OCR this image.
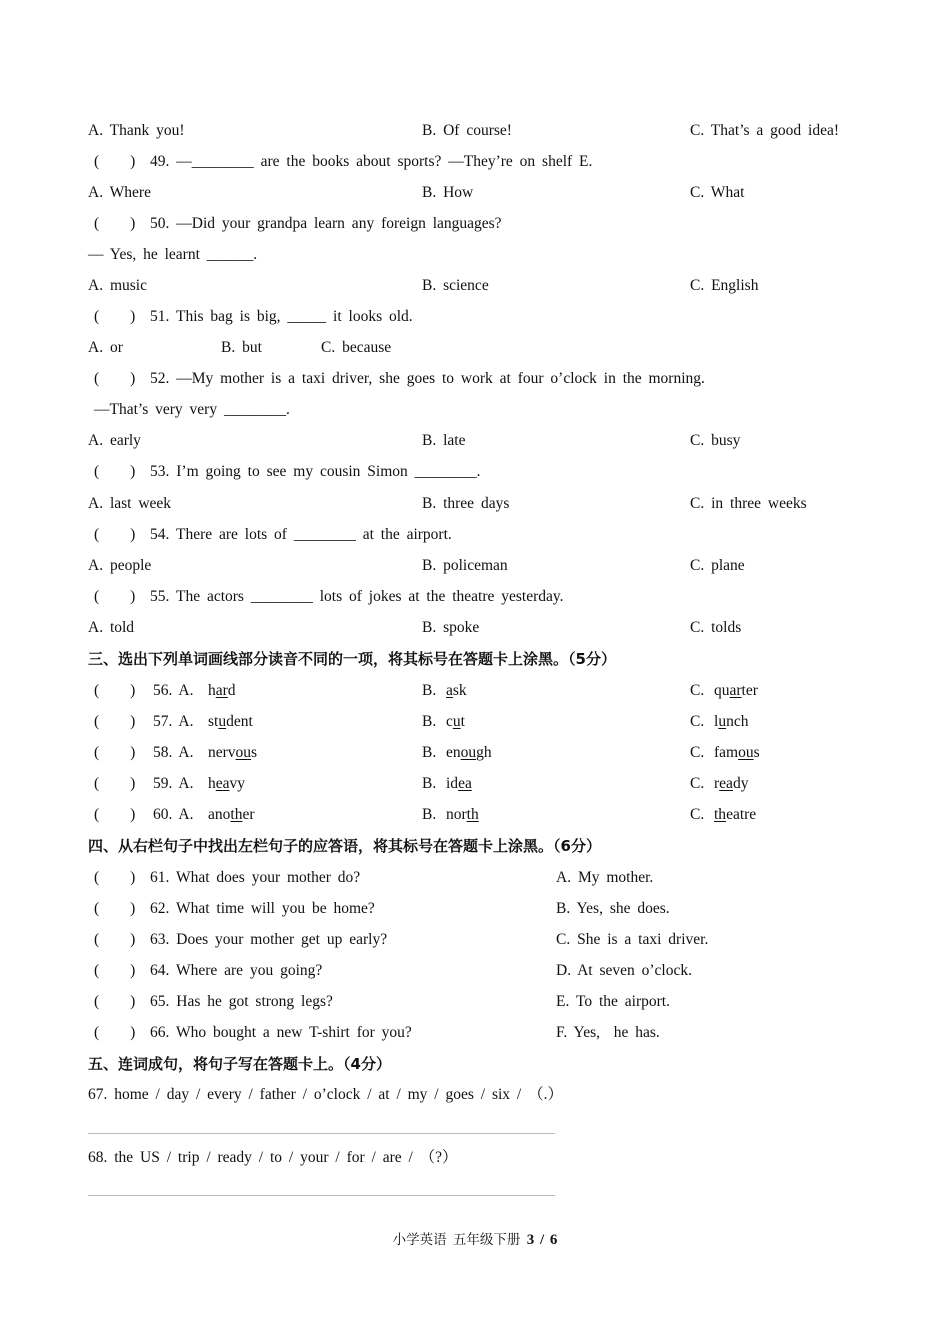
A. Thank you!	B. Of course!	C. That’s a good idea!
(　　) 49. —________ are the books about sports? —They’re on shelf E.
A. Where	B. How	C. What
(　　) 50. —Did your grandpa learn any foreign languages?
— Yes, he learnt ______.
A. music	B. science	C. English
(　　) 51. This bag is big, _____ it looks old.
A. or	B. but	C. because
(　　) 52. —My mother is a taxi driver, she goes to work at four o’clock in the morning.
—That’s very very ________.
A. early	B. late	C. busy
(　　) 53. I’m going to see my cousin Simon ________.
A. last week	B. three days	C. in three weeks
(　　) 54. There are lots of ________ at the airport.
A. people	B. policeman	C. plane
(　　) 55. The actors ________ lots of jokes at the theatre yesterday.
A. told	B. spoke	C. tolds
三、选出下列单词画线部分读音不同的一项，将其标号在答题卡上涂黑。（5分）
(　　) 56. A. hard	B. ask	C. quarter
(　　) 57. A. student	B. cut	C. lunch
(　　) 58. A. nervous	B. enough	C. famous
(　　) 59. A. heavy	B. idea	C. ready
(　　) 60. A. another	B. north	C. theatre
四、从右栏句子中找出左栏句子的应答语，将其标号在答题卡上涂黑。（6分）
(　　) 61. What does your mother do?	A. My mother.
(　　) 62. What time will you be home?	B. Yes, she does.
(　　) 63. Does your mother get up early?	C. She is a taxi driver.
(　　) 64. Where are you going?	D. At seven o’clock.
(　　) 65. Has he got strong legs?	E. To the airport.
(　　) 66. Who bought a new T-shirt for you?	F. Yes,  he has.
五、连词成句，将句子写在答题卡上。（4分）
67. home / day / every / father / o’clock / at / my / goes / six / （.）
68. the US / trip / ready / to / your / for / are / （?）
小学英语 五年级下册 3 / 6
